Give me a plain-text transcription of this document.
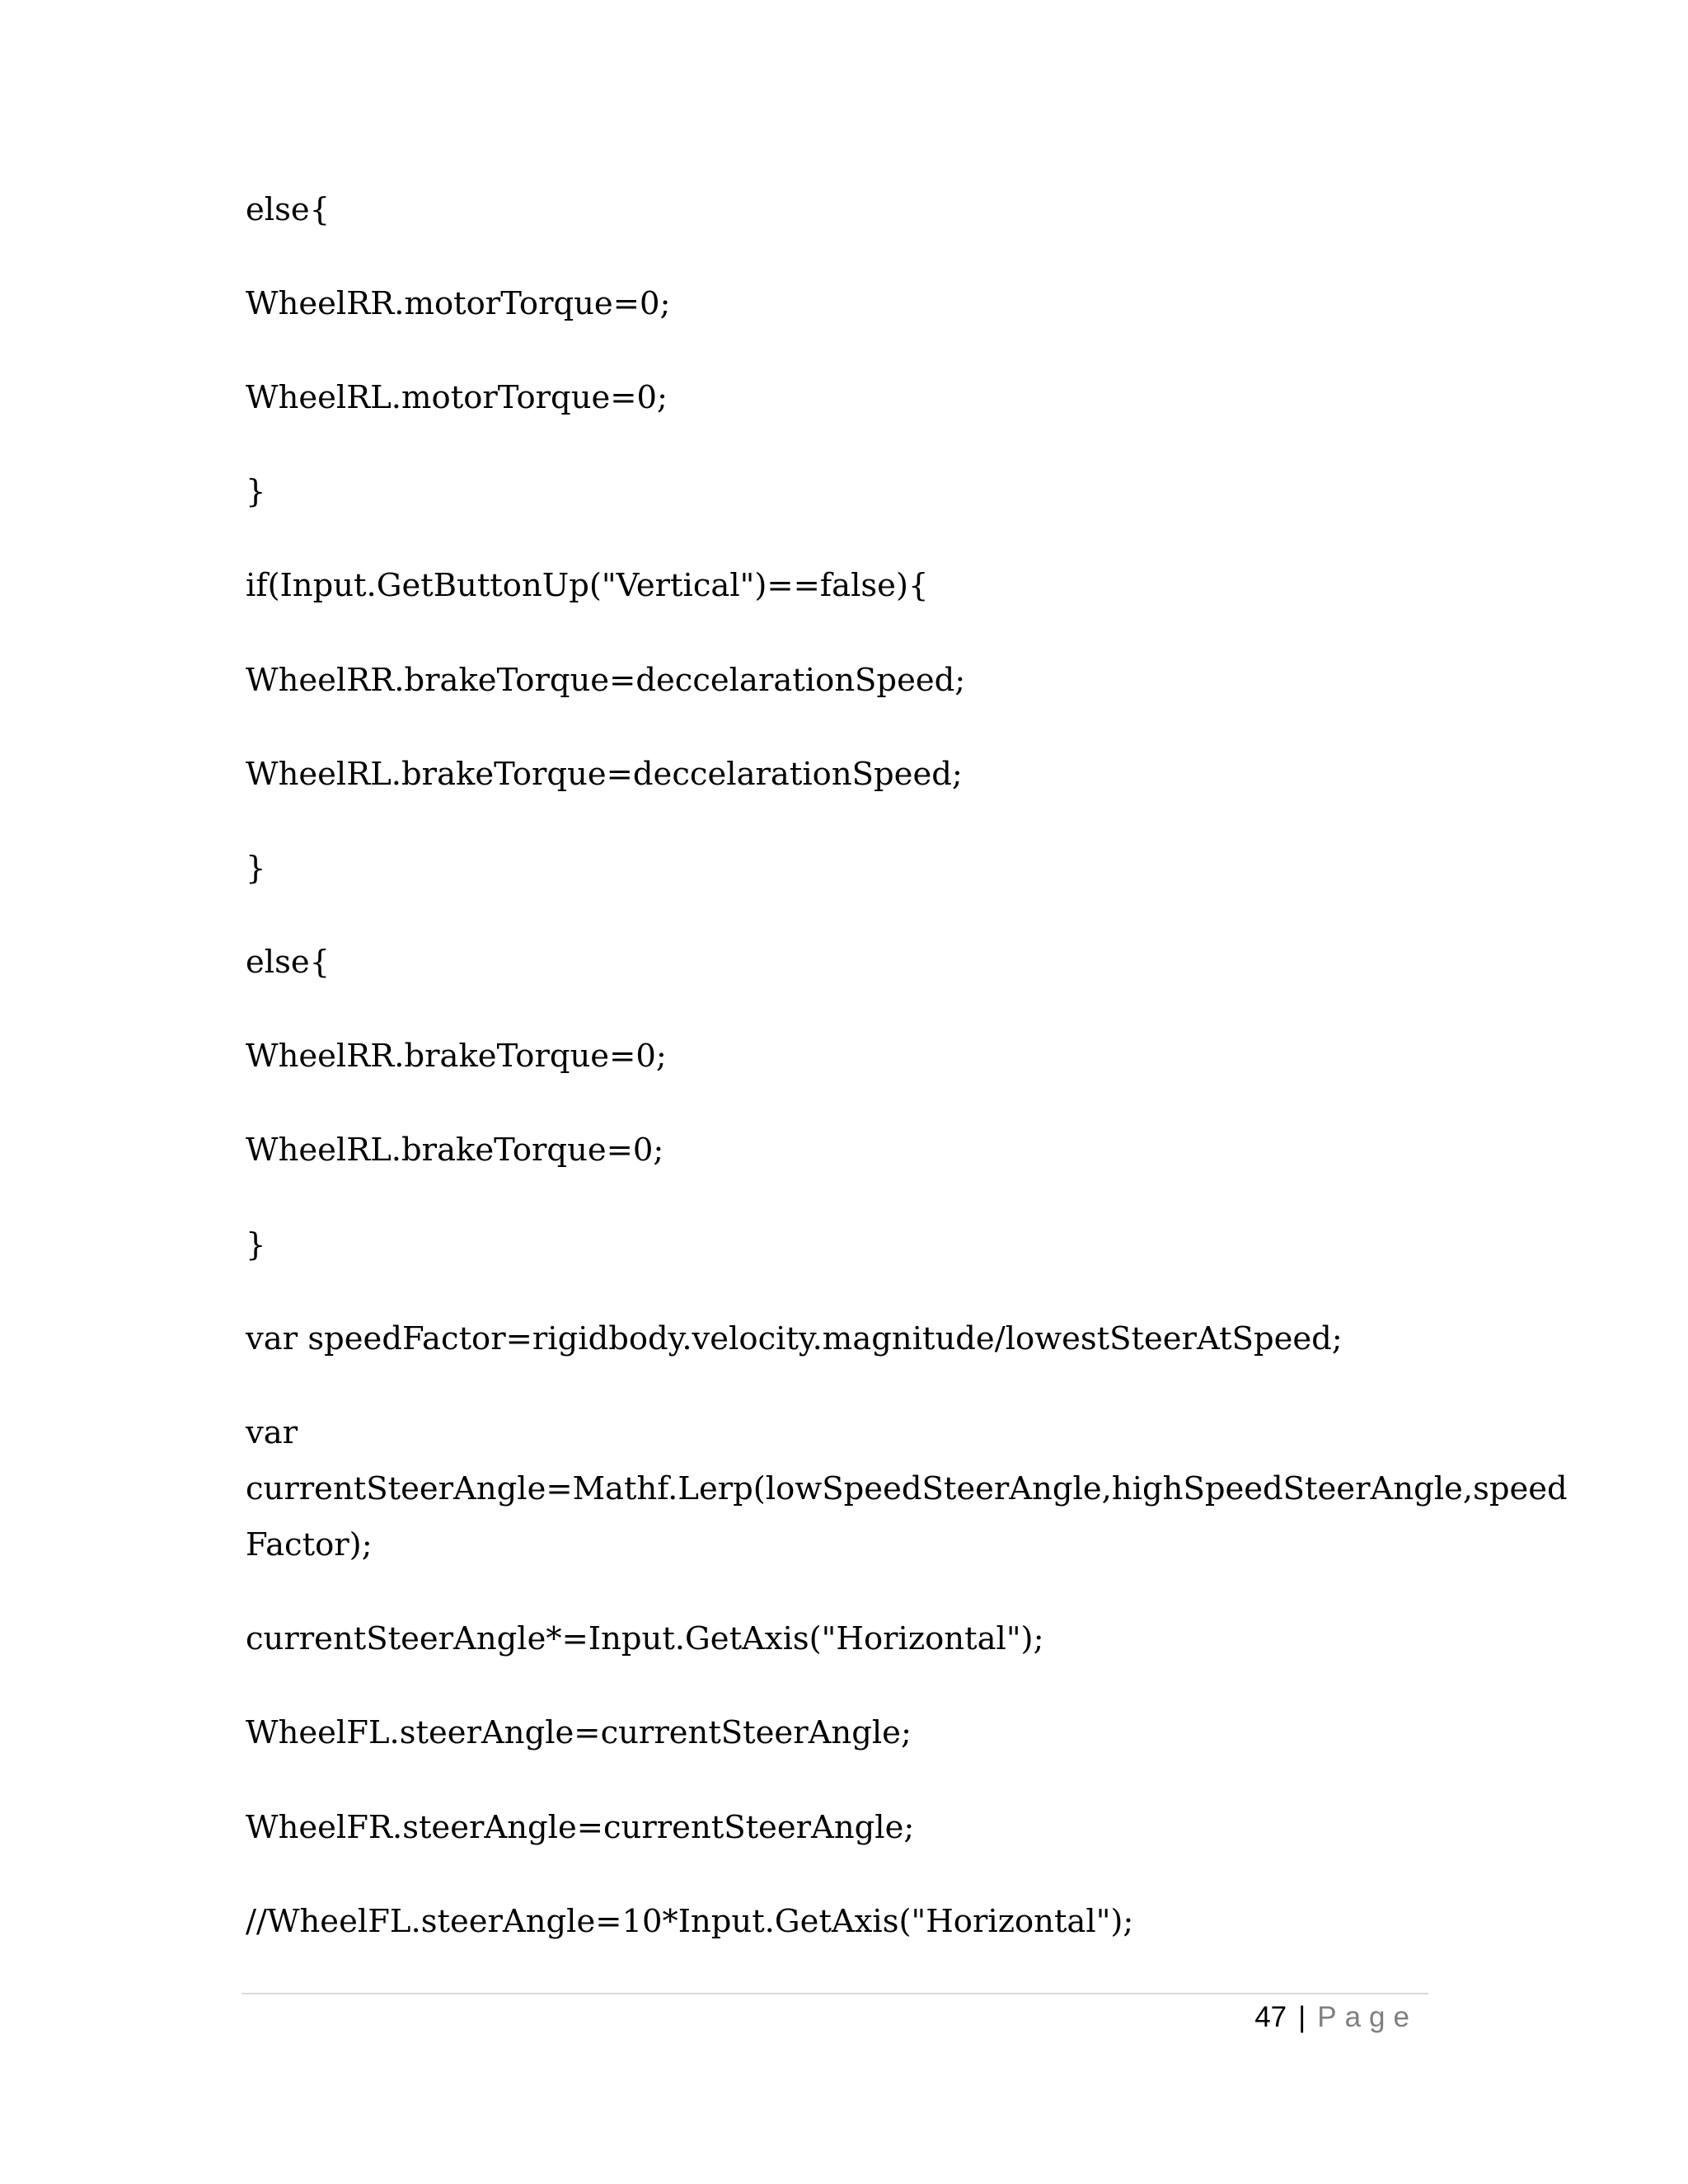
else{
WheelRR.motorTorque=0;
WheelRL.motorTorque=0;
}
if(Input.GetButtonUp("Vertical")==false){
WheelRR.brakeTorque=deccelarationSpeed;
WheelRL.brakeTorque=deccelarationSpeed;
}
else{
WheelRR.brakeTorque=0;
WheelRL.brakeTorque=0;
}
var speedFactor=rigidbody.velocity.magnitude/lowestSteerAtSpeed;
var
currentSteerAngle=Mathf.Lerp(lowSpeedSteerAngle,highSpeedSteerAngle,speed
Factor);
currentSteerAngle*=Input.GetAxis("Horizontal");
WheelFL.steerAngle=currentSteerAngle;
WheelFR.steerAngle=currentSteerAngle;
//WheelFL.steerAngle=10*Input.GetAxis("Horizontal");
47 | Page
